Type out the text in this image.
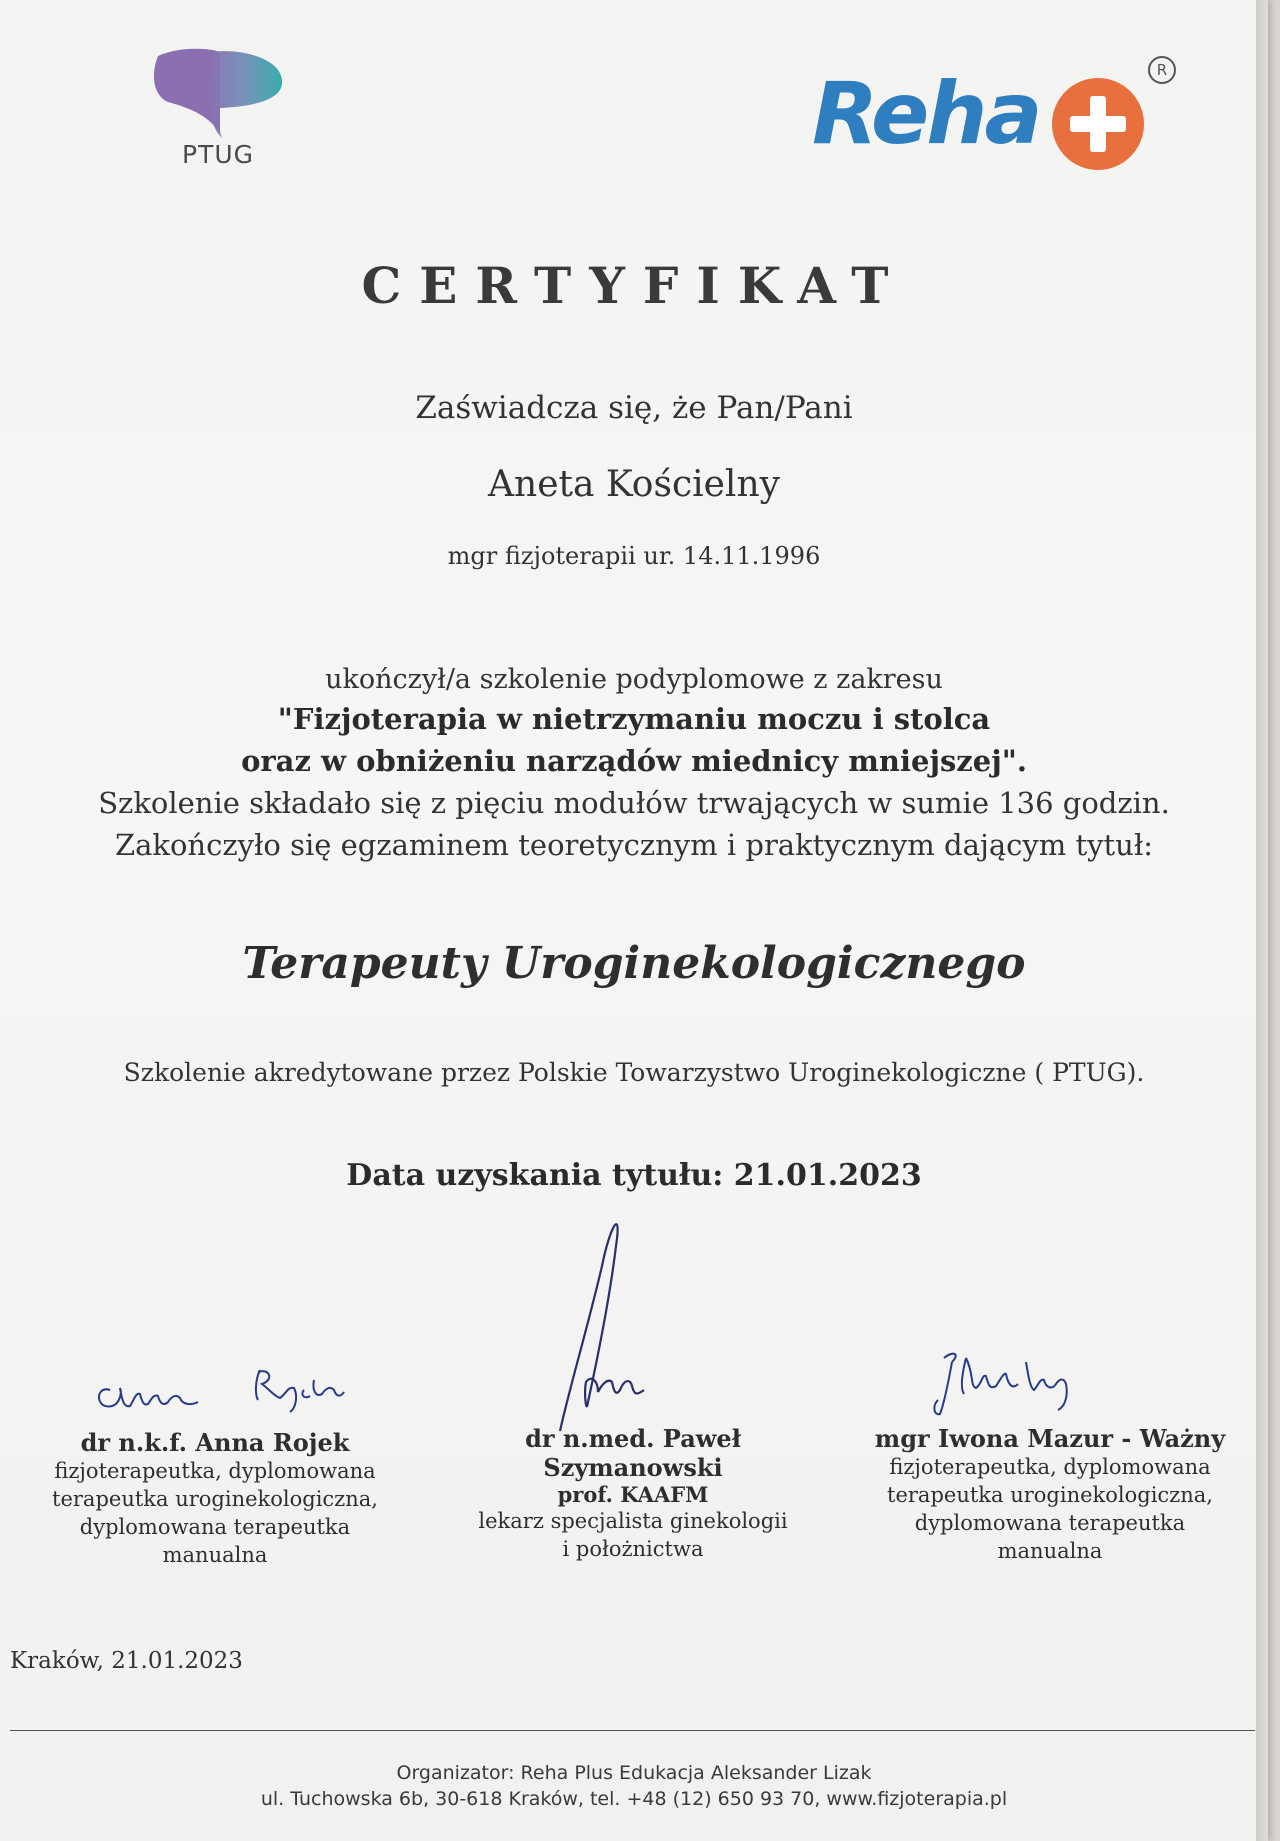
PTUG	Reha	R
CERTYFIKAT
Zaświadcza się, że Pan/Pani
Aneta Kościelny
mgr fizjoterapii ur. 14.11.1996
ukończył/a szkolenie podyplomowe z zakresu
"Fizjoterapia w nietrzymaniu moczu i stolca
oraz w obniżeniu narządów miednicy mniejszej".
Szkolenie składało się z pięciu modułów trwających w sumie 136 godzin.
Zakończyło się egzaminem teoretycznym i praktycznym dającym tytuł:
Terapeuty Uroginekologicznego
Szkolenie akredytowane przez Polskie Towarzystwo Uroginekologiczne ( PTUG).
Data uzyskania tytułu: 21.01.2023
dr n.k.f. Anna Rojek
fizjoterapeutka, dyplomowana
terapeutka uroginekologiczna,
dyplomowana terapeutka manualna
dr n.med. Paweł Szymanowski
prof. KAAFM
lekarz specjalista ginekologii
i położnictwa
mgr Iwona Mazur - Ważny
fizjoterapeutka, dyplomowana
terapeutka uroginekologiczna,
dyplomowana terapeutka manualna
Kraków, 21.01.2023
Organizator: Reha Plus Edukacja Aleksander Lizak
ul. Tuchowska 6b, 30-618 Kraków, tel. +48 (12) 650 93 70, www.fizjoterapia.pl
